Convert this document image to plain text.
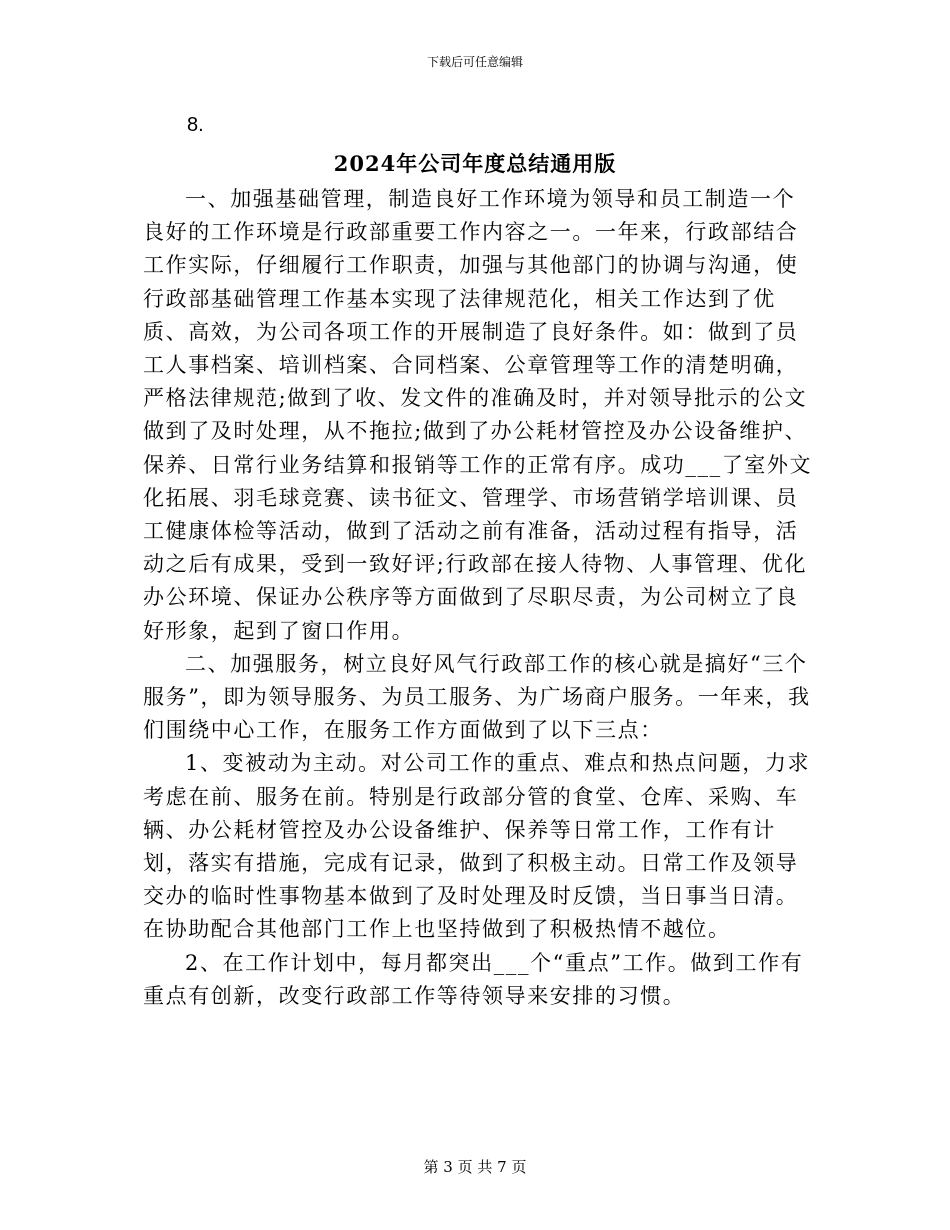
下载后可任意编辑
8.
2024年公司年度总结通用版

一、加强基础管理，制造良好工作环境为领导和员工制造一个良好的工作环境是行政部重要工作内容之一。一年来，行政部结合工作实际，仔细履行工作职责，加强与其他部门的协调与沟通，使行政部基础管理工作基本实现了法律规范化，相关工作达到了优质、高效，为公司各项工作的开展制造了良好条件。如：做到了员工人事档案、培训档案、合同档案、公章管理等工作的清楚明确，严格法律规范;做到了收、发文件的准确及时，并对领导批示的公文做到了及时处理，从不拖拉;做到了办公耗材管控及办公设备维护、保养、日常行业务结算和报销等工作的正常有序。成功___了室外文化拓展、羽毛球竞赛、读书征文、管理学、市场营销学培训课、员工健康体检等活动，做到了活动之前有准备，活动过程有指导，活动之后有成果，受到一致好评;行政部在接人待物、人事管理、优化办公环境、保证办公秩序等方面做到了尽职尽责，为公司树立了良好形象，起到了窗口作用。

二、加强服务，树立良好风气行政部工作的核心就是搞好“三个服务”，即为领导服务、为员工服务、为广场商户服务。一年来，我们围绕中心工作，在服务工作方面做到了以下三点：

1、变被动为主动。对公司工作的重点、难点和热点问题，力求考虑在前、服务在前。特别是行政部分管的食堂、仓库、采购、车辆、办公耗材管控及办公设备维护、保养等日常工作，工作有计划，落实有措施，完成有记录，做到了积极主动。日常工作及领导交办的临时性事物基本做到了及时处理及时反馈，当日事当日清。在协助配合其他部门工作上也坚持做到了积极热情不越位。

2、在工作计划中，每月都突出___个“重点”工作。做到工作有重点有创新，改变行政部工作等待领导来安排的习惯。

第 3 页 共 7 页
